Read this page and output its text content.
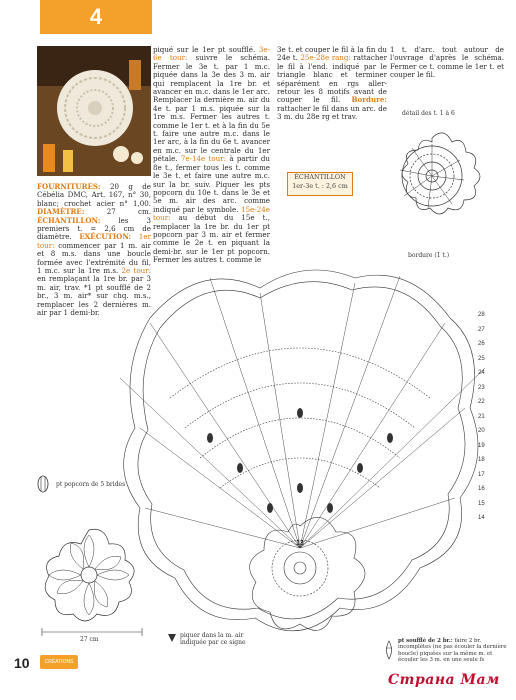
4
FOURNITURES: 20 g de Cébélia DMC, Art. 167, n° 30, blanc; crochet acier n° 1,00. DIAMÈTRE: 27 cm. ÉCHANTILLON: les 3 premiers t. = 2,6 cm de diamètre. EXÉCUTION: 1er tour: commencer par 1 m. air et 8 m.s. dans une boucle formée avec l'extrémité du fil, 1 m.c. sur la 1re m.s. 2e tour: en remplaçant la 1re br. par 3 m. air, trav. *1 pt soufflé de 2 br., 3 m. air* sur chq. m.s., remplacer les 2 dernières m. air par 1 demi-br.
piqué sur le 1er pt soufflé. 3e-6e tour: suivre le schéma. Fermer le 3e t. par 1 m.c. piquée dans la 3e des 3 m. air qui remplacent la 1re br. et avancer en m.c. dans le 1er arc. Remplacer la dernière m. air du 4e t. par 1 m.s. piquée sur la 1re m.s. Fermer les autres t. comme le 1er t. et à la fin du 5e t. faire une autre m.c. dans le 1er arc, à la fin du 6e t. avancer en m.c. sur le centrale du 1er pétale. 7e-14e tour: à partir du 8e t., fermer tous les t. comme le 3e t. et faire une autre m.c. sur la br. suiv. Piquer les pts popcorn du 10e t. dans le 3e et 5e m. air des arc. comme indiqué par le symbole. 15e-24e tour: au début du 15e t., remplacer la 1re br. du 1er pt popcorn par 3 m. air et fermer comme le 2e t. en piquant la demi-br. sur le 1er pt popcorn. Fermer les autres t. comme le
3e t. et couper le fil à la fin du 24e t. 25e-28e rang: rattacher le fil à l'end. indiqué par le triangle blanc et terminer séparément en rgs aller-retour les 8 motifs avant de couper le fil. Bordure: rattacher le fil dans un arc. de 3 m. du 28e rg et trav.
1 t. d'arc. tout autour de l'ouvrage d'après le schéma. Fermer ce t. comme le 1er t. et couper le fil.
ÉCHANTILLON
1er-3e t. : 2,6 cm
détail des t. 1 à 6
bordure (1 t.)
13
28
27
26
25
24
23
22
21
20
19
18
17
16
15
14
pt popcorn de 5 brides
27 cm
piquer dans la m. air indiquée par ce signe	pt soufflé de 2 br.: faire 2 br. incomplètes (ne pas écouler la dernière boucle) piquées sur la même m. et écouler les 3 m. en une seule fs
10	CRÉATIONS
Страна Мам
